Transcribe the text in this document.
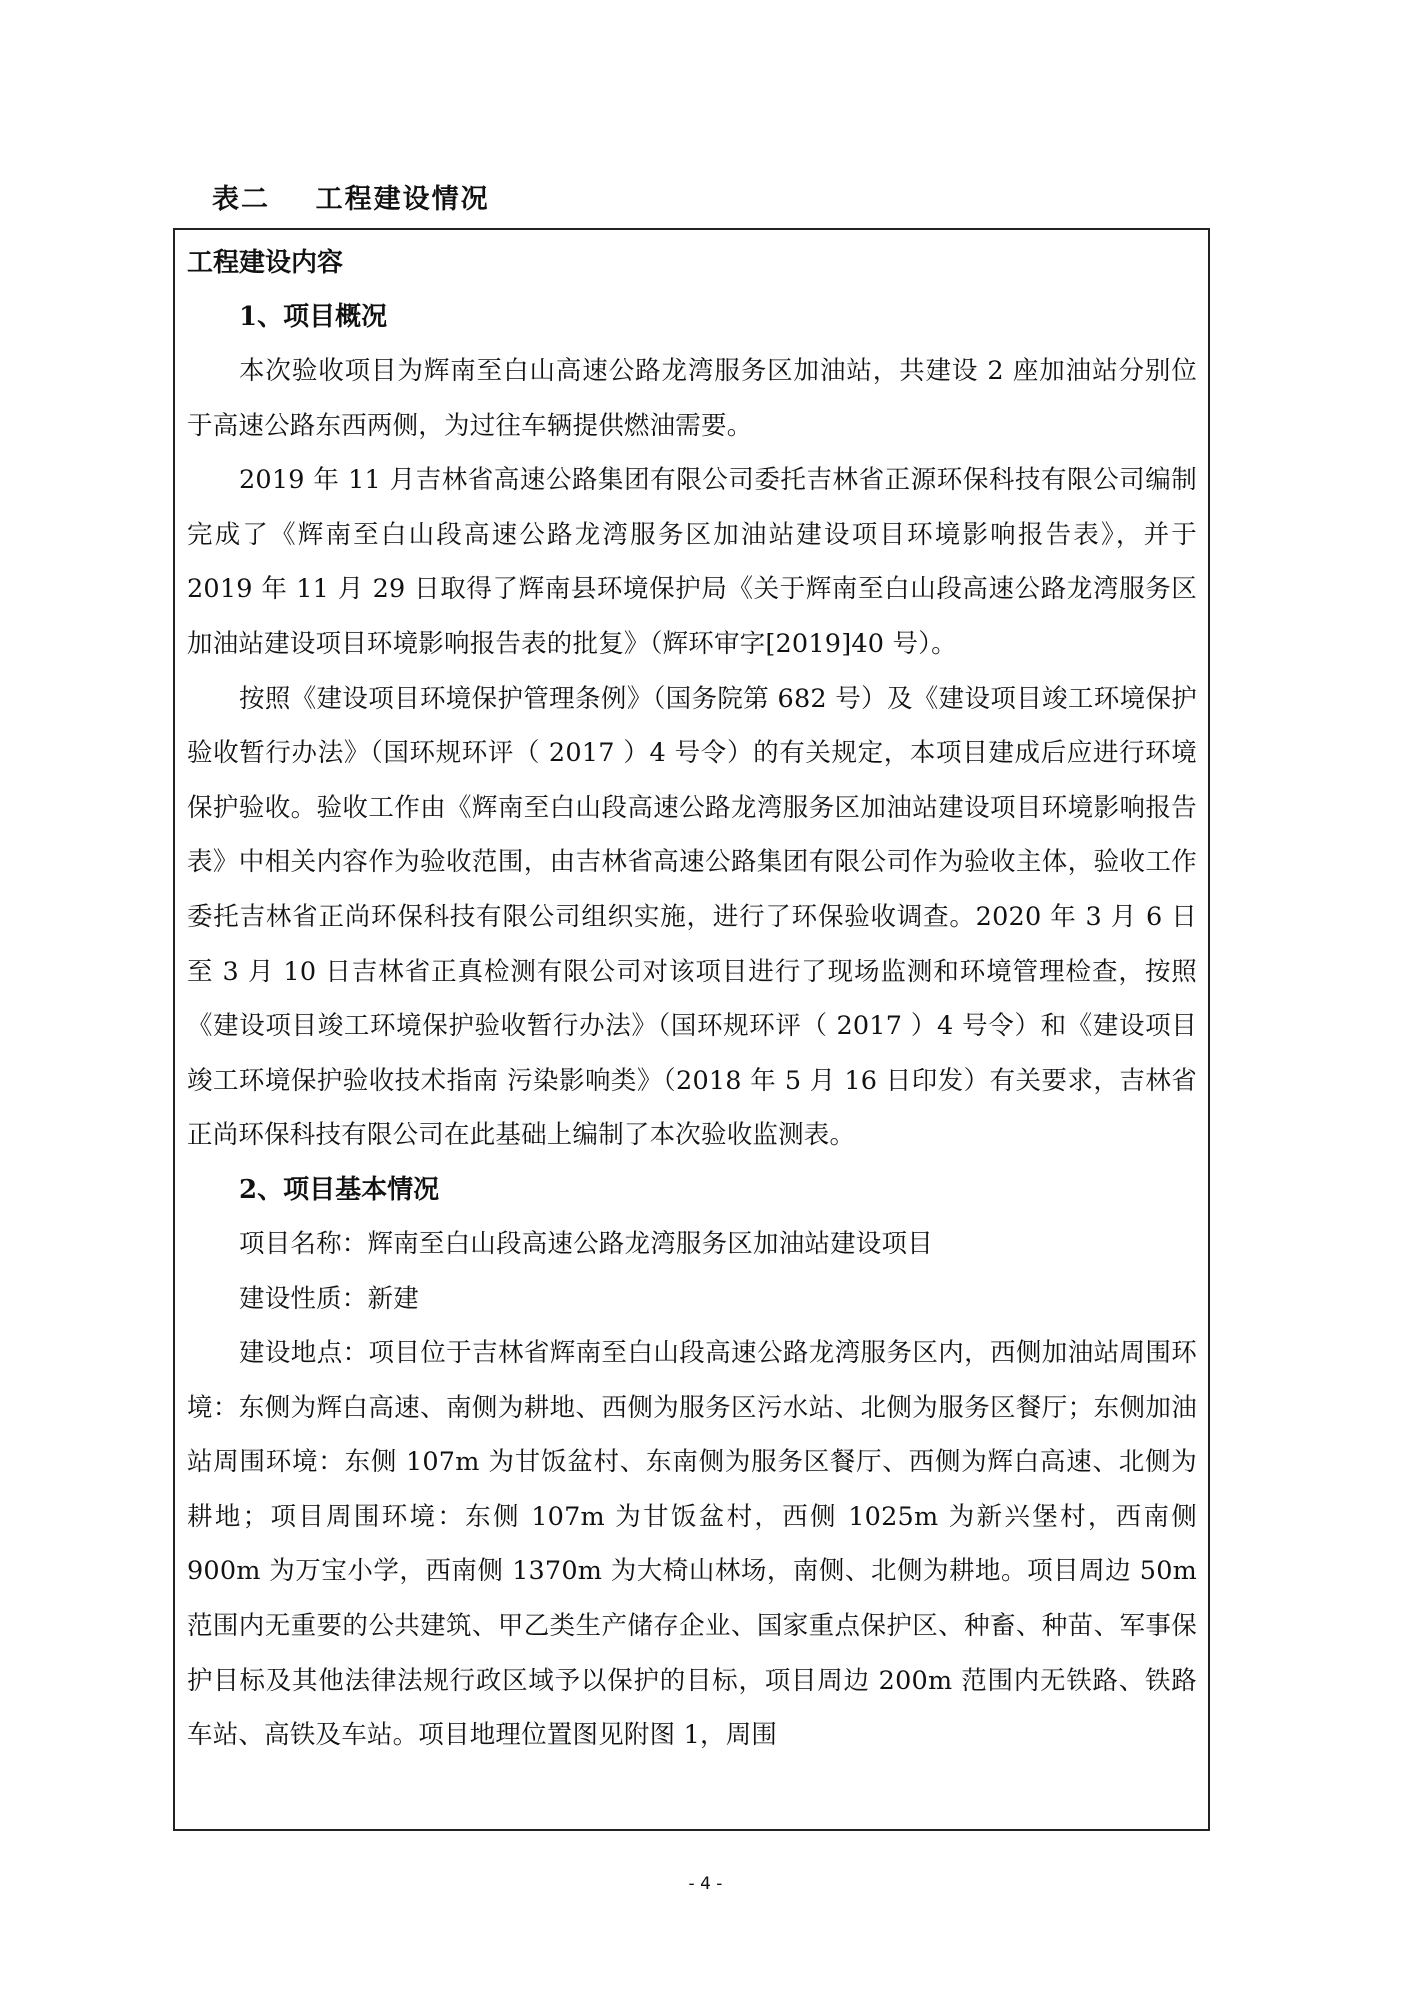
表二    工程建设情况
工程建设内容
1、项目概况

本次验收项目为辉南至白山高速公路龙湾服务区加油站，共建设 2 座加油站分别位于高速公路东西两侧，为过往车辆提供燃油需要。

2019 年 11 月吉林省高速公路集团有限公司委托吉林省正源环保科技有限公司编制完成了《辉南至白山段高速公路龙湾服务区加油站建设项目环境影响报告表》，并于 2019 年 11 月 29 日取得了辉南县环境保护局《关于辉南至白山段高速公路龙湾服务区加油站建设项目环境影响报告表的批复》（辉环审字[2019]40 号）。

按照《建设项目环境保护管理条例》（国务院第 682 号）及《建设项目竣工环境保护验收暂行办法》（国环规环评（ 2017 ）4 号令）的有关规定，本项目建成后应进行环境保护验收。验收工作由《辉南至白山段高速公路龙湾服务区加油站建设项目环境影响报告表》中相关内容作为验收范围，由吉林省高速公路集团有限公司作为验收主体，验收工作委托吉林省正尚环保科技有限公司组织实施，进行了环保验收调查。2020 年 3 月 6 日至 3 月 10 日吉林省正真检测有限公司对该项目进行了现场监测和环境管理检查，按照《建设项目竣工环境保护验收暂行办法》（国环规环评（ 2017 ）4 号令）和《建设项目竣工环境保护验收技术指南 污染影响类》（2018 年 5 月 16 日印发）有关要求，吉林省正尚环保科技有限公司在此基础上编制了本次验收监测表。

2、项目基本情况

项目名称：辉南至白山段高速公路龙湾服务区加油站建设项目

建设性质：新建

建设地点：项目位于吉林省辉南至白山段高速公路龙湾服务区内，西侧加油站周围环境：东侧为辉白高速、南侧为耕地、西侧为服务区污水站、北侧为服务区餐厅；东侧加油站周围环境：东侧 107m 为甘饭盆村、东南侧为服务区餐厅、西侧为辉白高速、北侧为耕地；项目周围环境：东侧 107m 为甘饭盆村，西侧 1025m 为新兴堡村，西南侧 900m 为万宝小学，西南侧 1370m 为大椅山林场，南侧、北侧为耕地。项目周边 50m 范围内无重要的公共建筑、甲乙类生产储存企业、国家重点保护区、种畜、种苗、军事保护目标及其他法律法规行政区域予以保护的目标，项目周边 200m 范围内无铁路、铁路车站、高铁及车站。项目地理位置图见附图 1，周围

- 4 -
